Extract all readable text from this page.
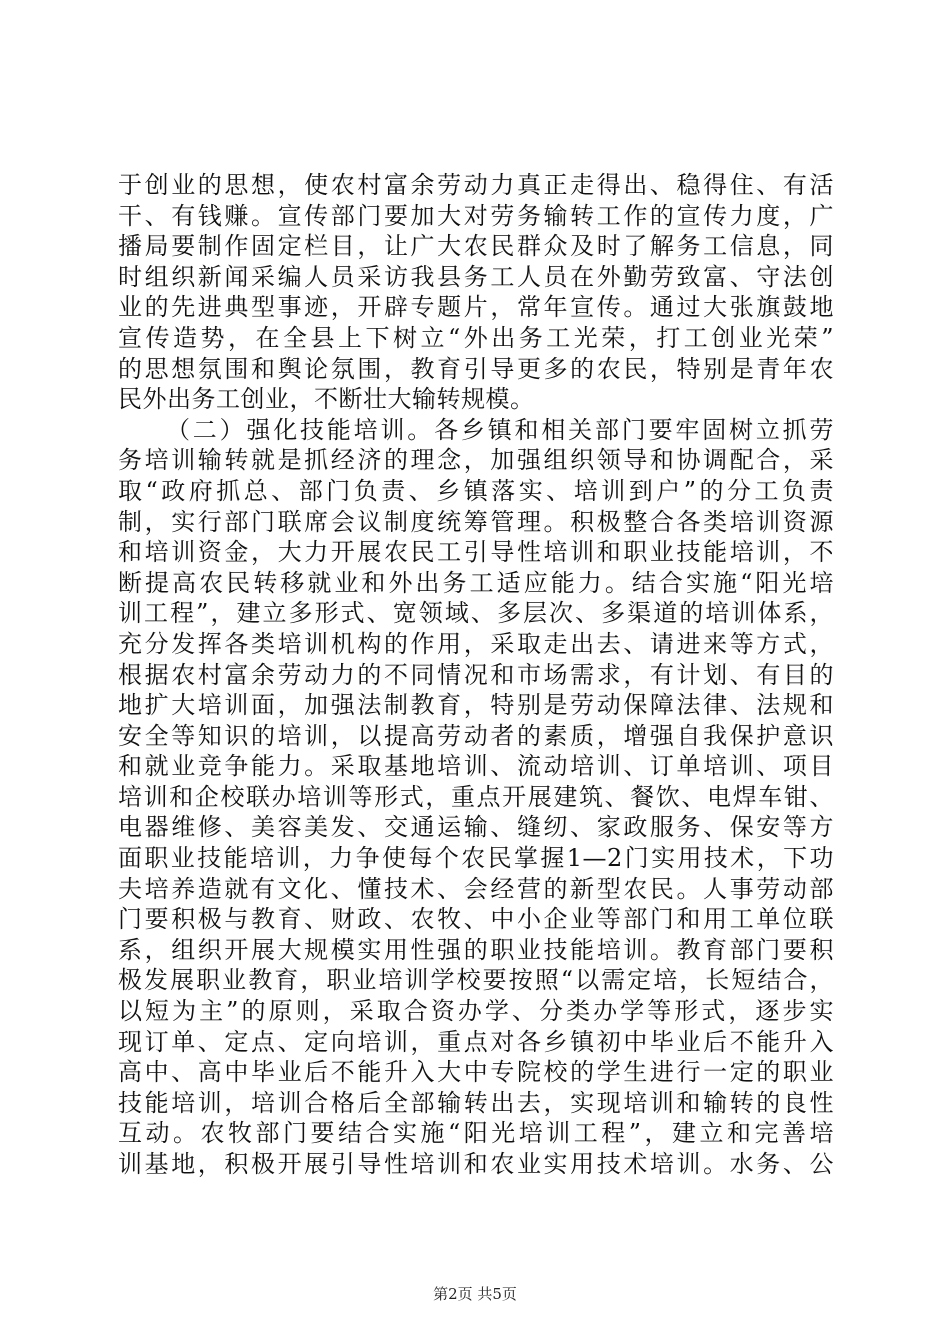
于创业的思想，使农村富余劳动力真正走得出、稳得住、有活
干、有钱赚。宣传部门要加大对劳务输转工作的宣传力度，广
播局要制作固定栏目，让广大农民群众及时了解务工信息，同
时组织新闻采编人员采访我县务工人员在外勤劳致富、守法创
业的先进典型事迹，开辟专题片，常年宣传。通过大张旗鼓地
宣传造势，在全县上下树立“外出务工光荣，打工创业光荣”
的思想氛围和舆论氛围，教育引导更多的农民，特别是青年农
民外出务工创业，不断壮大输转规模。
（二）强化技能培训。各乡镇和相关部门要牢固树立抓劳
务培训输转就是抓经济的理念，加强组织领导和协调配合，采
取“政府抓总、部门负责、乡镇落实、培训到户”的分工负责
制，实行部门联席会议制度统筹管理。积极整合各类培训资源
和培训资金，大力开展农民工引导性培训和职业技能培训，不
断提高农民转移就业和外出务工适应能力。结合实施“阳光培
训工程”，建立多形式、宽领域、多层次、多渠道的培训体系，
充分发挥各类培训机构的作用，采取走出去、请进来等方式，
根据农村富余劳动力的不同情况和市场需求，有计划、有目的
地扩大培训面，加强法制教育，特别是劳动保障法律、法规和
安全等知识的培训，以提高劳动者的素质，增强自我保护意识
和就业竞争能力。采取基地培训、流动培训、订单培训、项目
培训和企校联办培训等形式，重点开展建筑、餐饮、电焊车钳、
电器维修、美容美发、交通运输、缝纫、家政服务、保安等方
面职业技能培训，力争使每个农民掌握1—2门实用技术，下功
夫培养造就有文化、懂技术、会经营的新型农民。人事劳动部
门要积极与教育、财政、农牧、中小企业等部门和用工单位联
系，组织开展大规模实用性强的职业技能培训。教育部门要积
极发展职业教育，职业培训学校要按照“以需定培，长短结合，
以短为主”的原则，采取合资办学、分类办学等形式，逐步实
现订单、定点、定向培训，重点对各乡镇初中毕业后不能升入
高中、高中毕业后不能升入大中专院校的学生进行一定的职业
技能培训，培训合格后全部输转出去，实现培训和输转的良性
互动。农牧部门要结合实施“阳光培训工程”，建立和完善培
训基地，积极开展引导性培训和农业实用技术培训。水务、公
第2页 共5页
